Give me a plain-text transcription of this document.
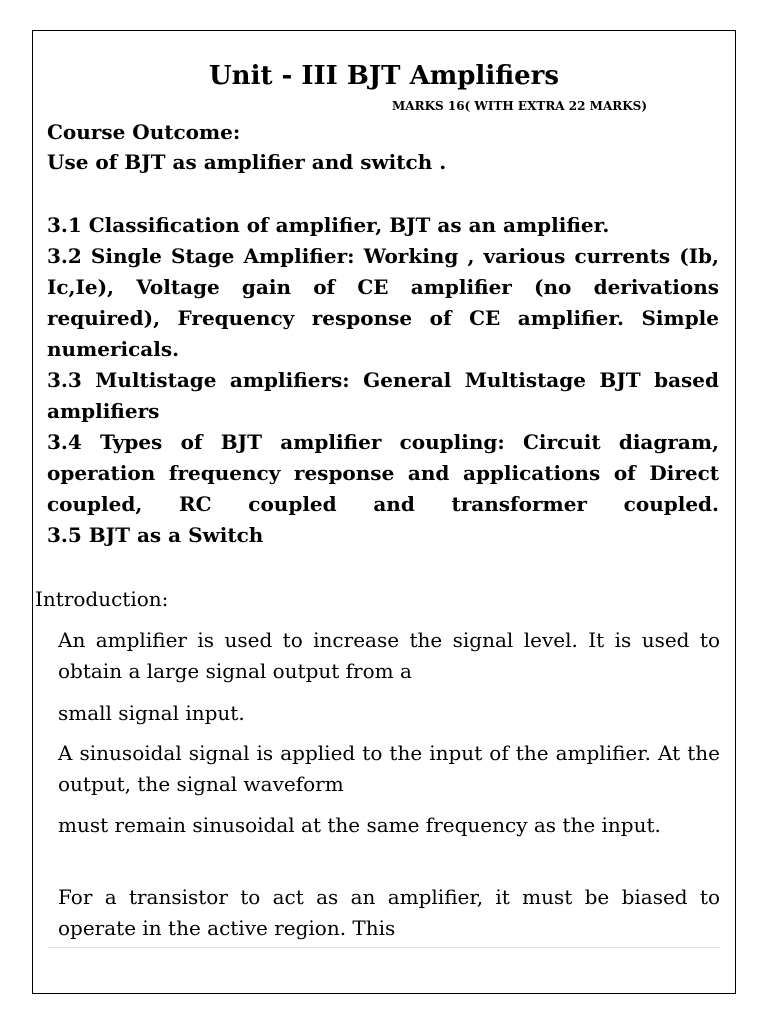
Unit - III BJT Amplifiers
MARKS 16( WITH EXTRA 22 MARKS)

Course Outcome:

Use of BJT as amplifier and switch .

3.1 Classification of amplifier, BJT as an amplifier.
3.2 Single Stage Amplifier: Working , various currents (Ib, Ic,Ie), Voltage gain of CE amplifier (no derivations required), Frequency response of CE amplifier. Simple numericals.
3.3 Multistage amplifiers: General Multistage BJT based amplifiers
3.4 Types of BJT amplifier coupling: Circuit diagram, operation frequency response and applications of Direct coupled, RC coupled and transformer coupled.
3.5 BJT as a Switch

Introduction:

An amplifier is used to increase the signal level. It is used to obtain a large signal output from a

small signal input.

A sinusoidal signal is applied to the input of the amplifier. At the output, the signal waveform

must remain sinusoidal at the same frequency as the input.

For a transistor to act as an amplifier, it must be biased to operate in the active region. This
